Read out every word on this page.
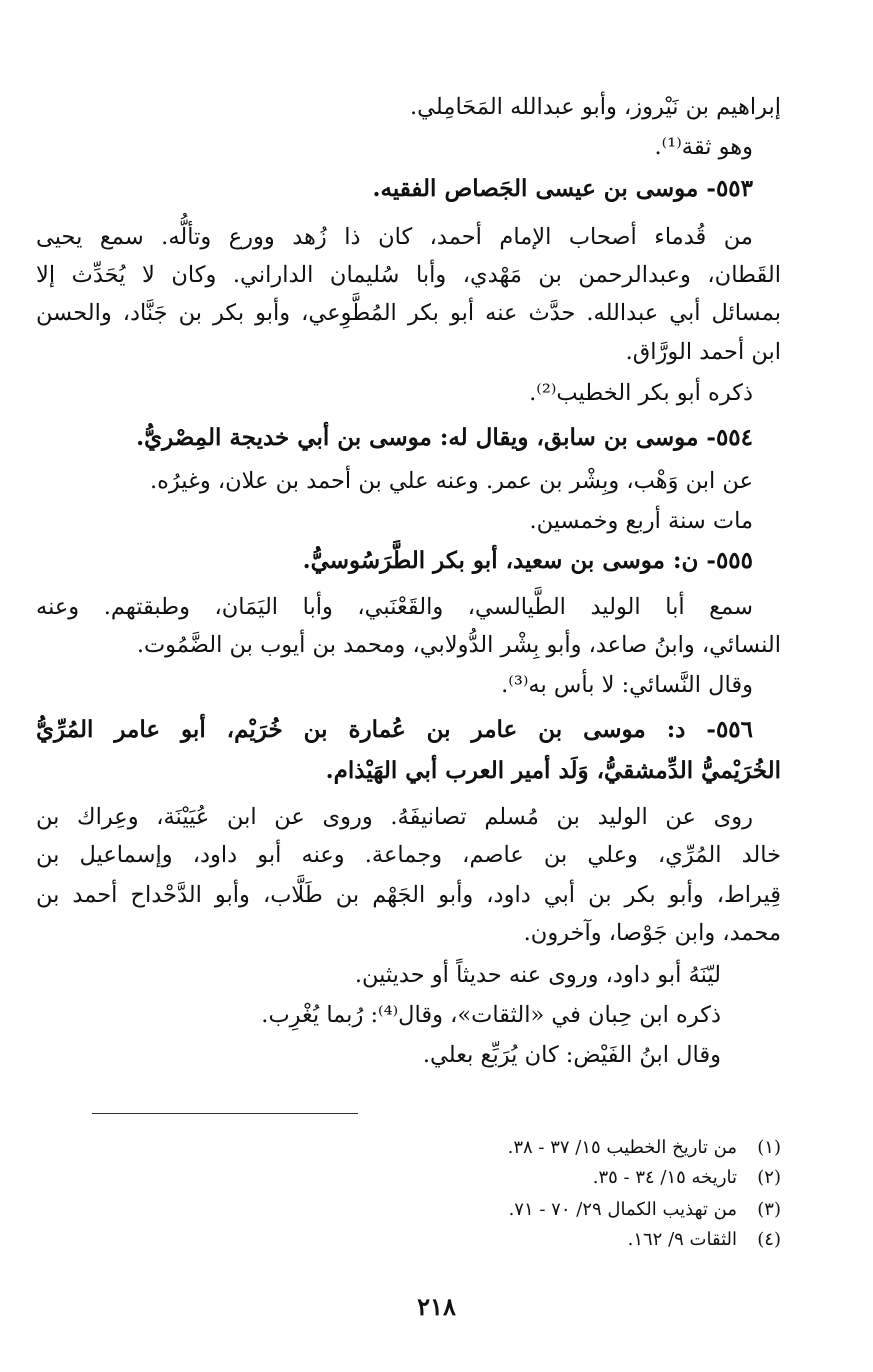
إبراهيم بن نَيْروز، وأبو عبدالله المَحَامِلي.
وهو ثقة⁽¹⁾.
٥٥٣- موسى بن عيسى الجَصاص الفقيه.
من قُدماء أصحاب الإمام أحمد، كان ذا زُهد وورع وتألُّه. سمع يحيى
القَطان، وعبدالرحمن بن مَهْدي، وأبا سُليمان الداراني. وكان لا يُحَدِّث إلا
بمسائل أبي عبدالله. حدَّث عنه أبو بكر المُطَّوِعي، وأبو بكر بن جَنَّاد، والحسن
ابن أحمد الورَّاق.
ذكره أبو بكر الخطيب⁽²⁾.
٥٥٤- موسى بن سابق، ويقال له: موسى بن أبي خديجة المِصْريُّ.
عن ابن وَهْب، وبِشْر بن عمر. وعنه علي بن أحمد بن علان، وغيرُه.
مات سنة أربع وخمسين.
٥٥٥- ن: موسى بن سعيد، أبو بكر الطَّرَسُوسيُّ.
سمع أبا الوليد الطَّيالسي، والقَعْنَبي، وأبا اليَمَان، وطبقتهم. وعنه
النسائي، وابنُ صاعد، وأبو بِشْر الدُّولابي، ومحمد بن أيوب بن الضَّمُوت.
وقال النَّسائي: لا بأس به⁽³⁾.
٥٥٦- د: موسى بن عامر بن عُمارة بن خُرَيْم، أبو عامر المُرِّيُّ
الخُرَيْميُّ الدِّمشقيُّ، وَلَد أمير العرب أبي الهَيْذام.
روى عن الوليد بن مُسلم تصانيفَهُ. وروى عن ابن عُيَيْنَة، وعِراك بن
خالد المُرِّي، وعلي بن عاصم، وجماعة. وعنه أبو داود، وإسماعيل بن
قِيراط، وأبو بكر بن أبي داود، وأبو الجَهْم بن طَلَّاب، وأبو الدَّحْداح أحمد بن
محمد، وابن جَوْصا، وآخرون.
ليّنَهُ أبو داود، وروى عنه حديثاً أو حديثين.
ذكره ابن حِبان في «الثقات»، وقال⁽⁴⁾: رُبما يُغْرِب.
وقال ابنُ الفَيْض: كان يُرَبِّع بعلي.
(١)من تاريخ الخطيب ١٥/ ٣٧ - ٣٨.
(٢)تاريخه ١٥/ ٣٤ - ٣٥.
(٣)من تهذيب الكمال ٢٩/ ٧٠ - ٧١.
(٤)الثقات ٩/ ١٦٢.
٢١٨
